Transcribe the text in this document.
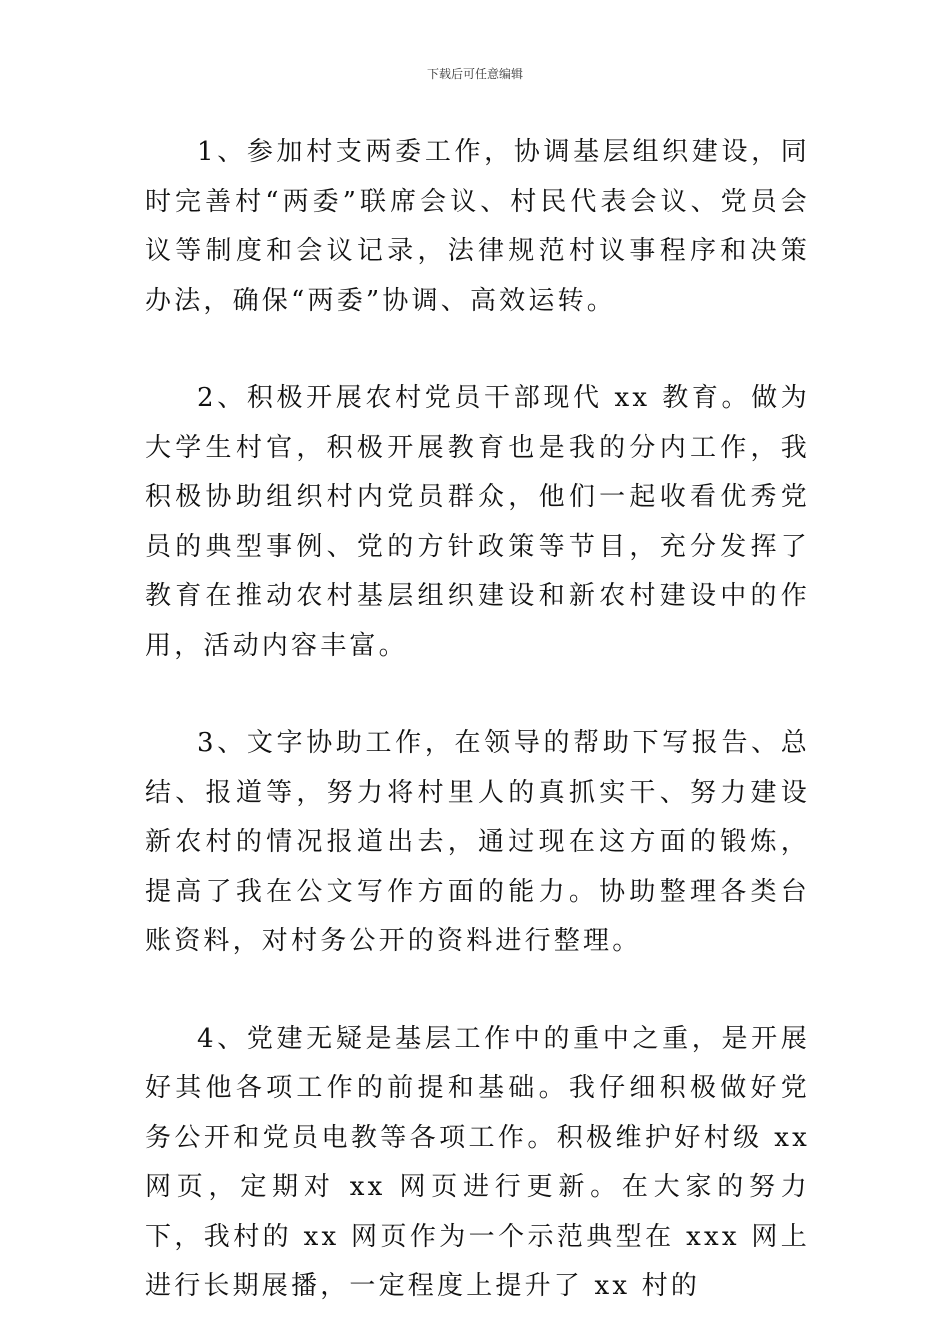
下载后可任意编辑

1、参加村支两委工作，协调基层组织建设，同时完善村“两委”联席会议、村民代表会议、党员会议等制度和会议记录，法律规范村议事程序和决策办法，确保“两委”协调、高效运转。

2、积极开展农村党员干部现代 xx 教育。做为大学生村官，积极开展教育也是我的分内工作，我积极协助组织村内党员群众，他们一起收看优秀党员的典型事例、党的方针政策等节目，充分发挥了教育在推动农村基层组织建设和新农村建设中的作用，活动内容丰富。

3、文字协助工作，在领导的帮助下写报告、总结、报道等，努力将村里人的真抓实干、努力建设新农村的情况报道出去，通过现在这方面的锻炼，提高了我在公文写作方面的能力。协助整理各类台账资料，对村务公开的资料进行整理。

4、党建无疑是基层工作中的重中之重，是开展好其他各项工作的前提和基础。我仔细积极做好党务公开和党员电教等各项工作。积极维护好村级 xx 网页，定期对 xx 网页进行更新。在大家的努力下，我村的 xx 网页作为一个示范典型在 xxx 网上进行长期展播，一定程度上提升了 xx 村的
